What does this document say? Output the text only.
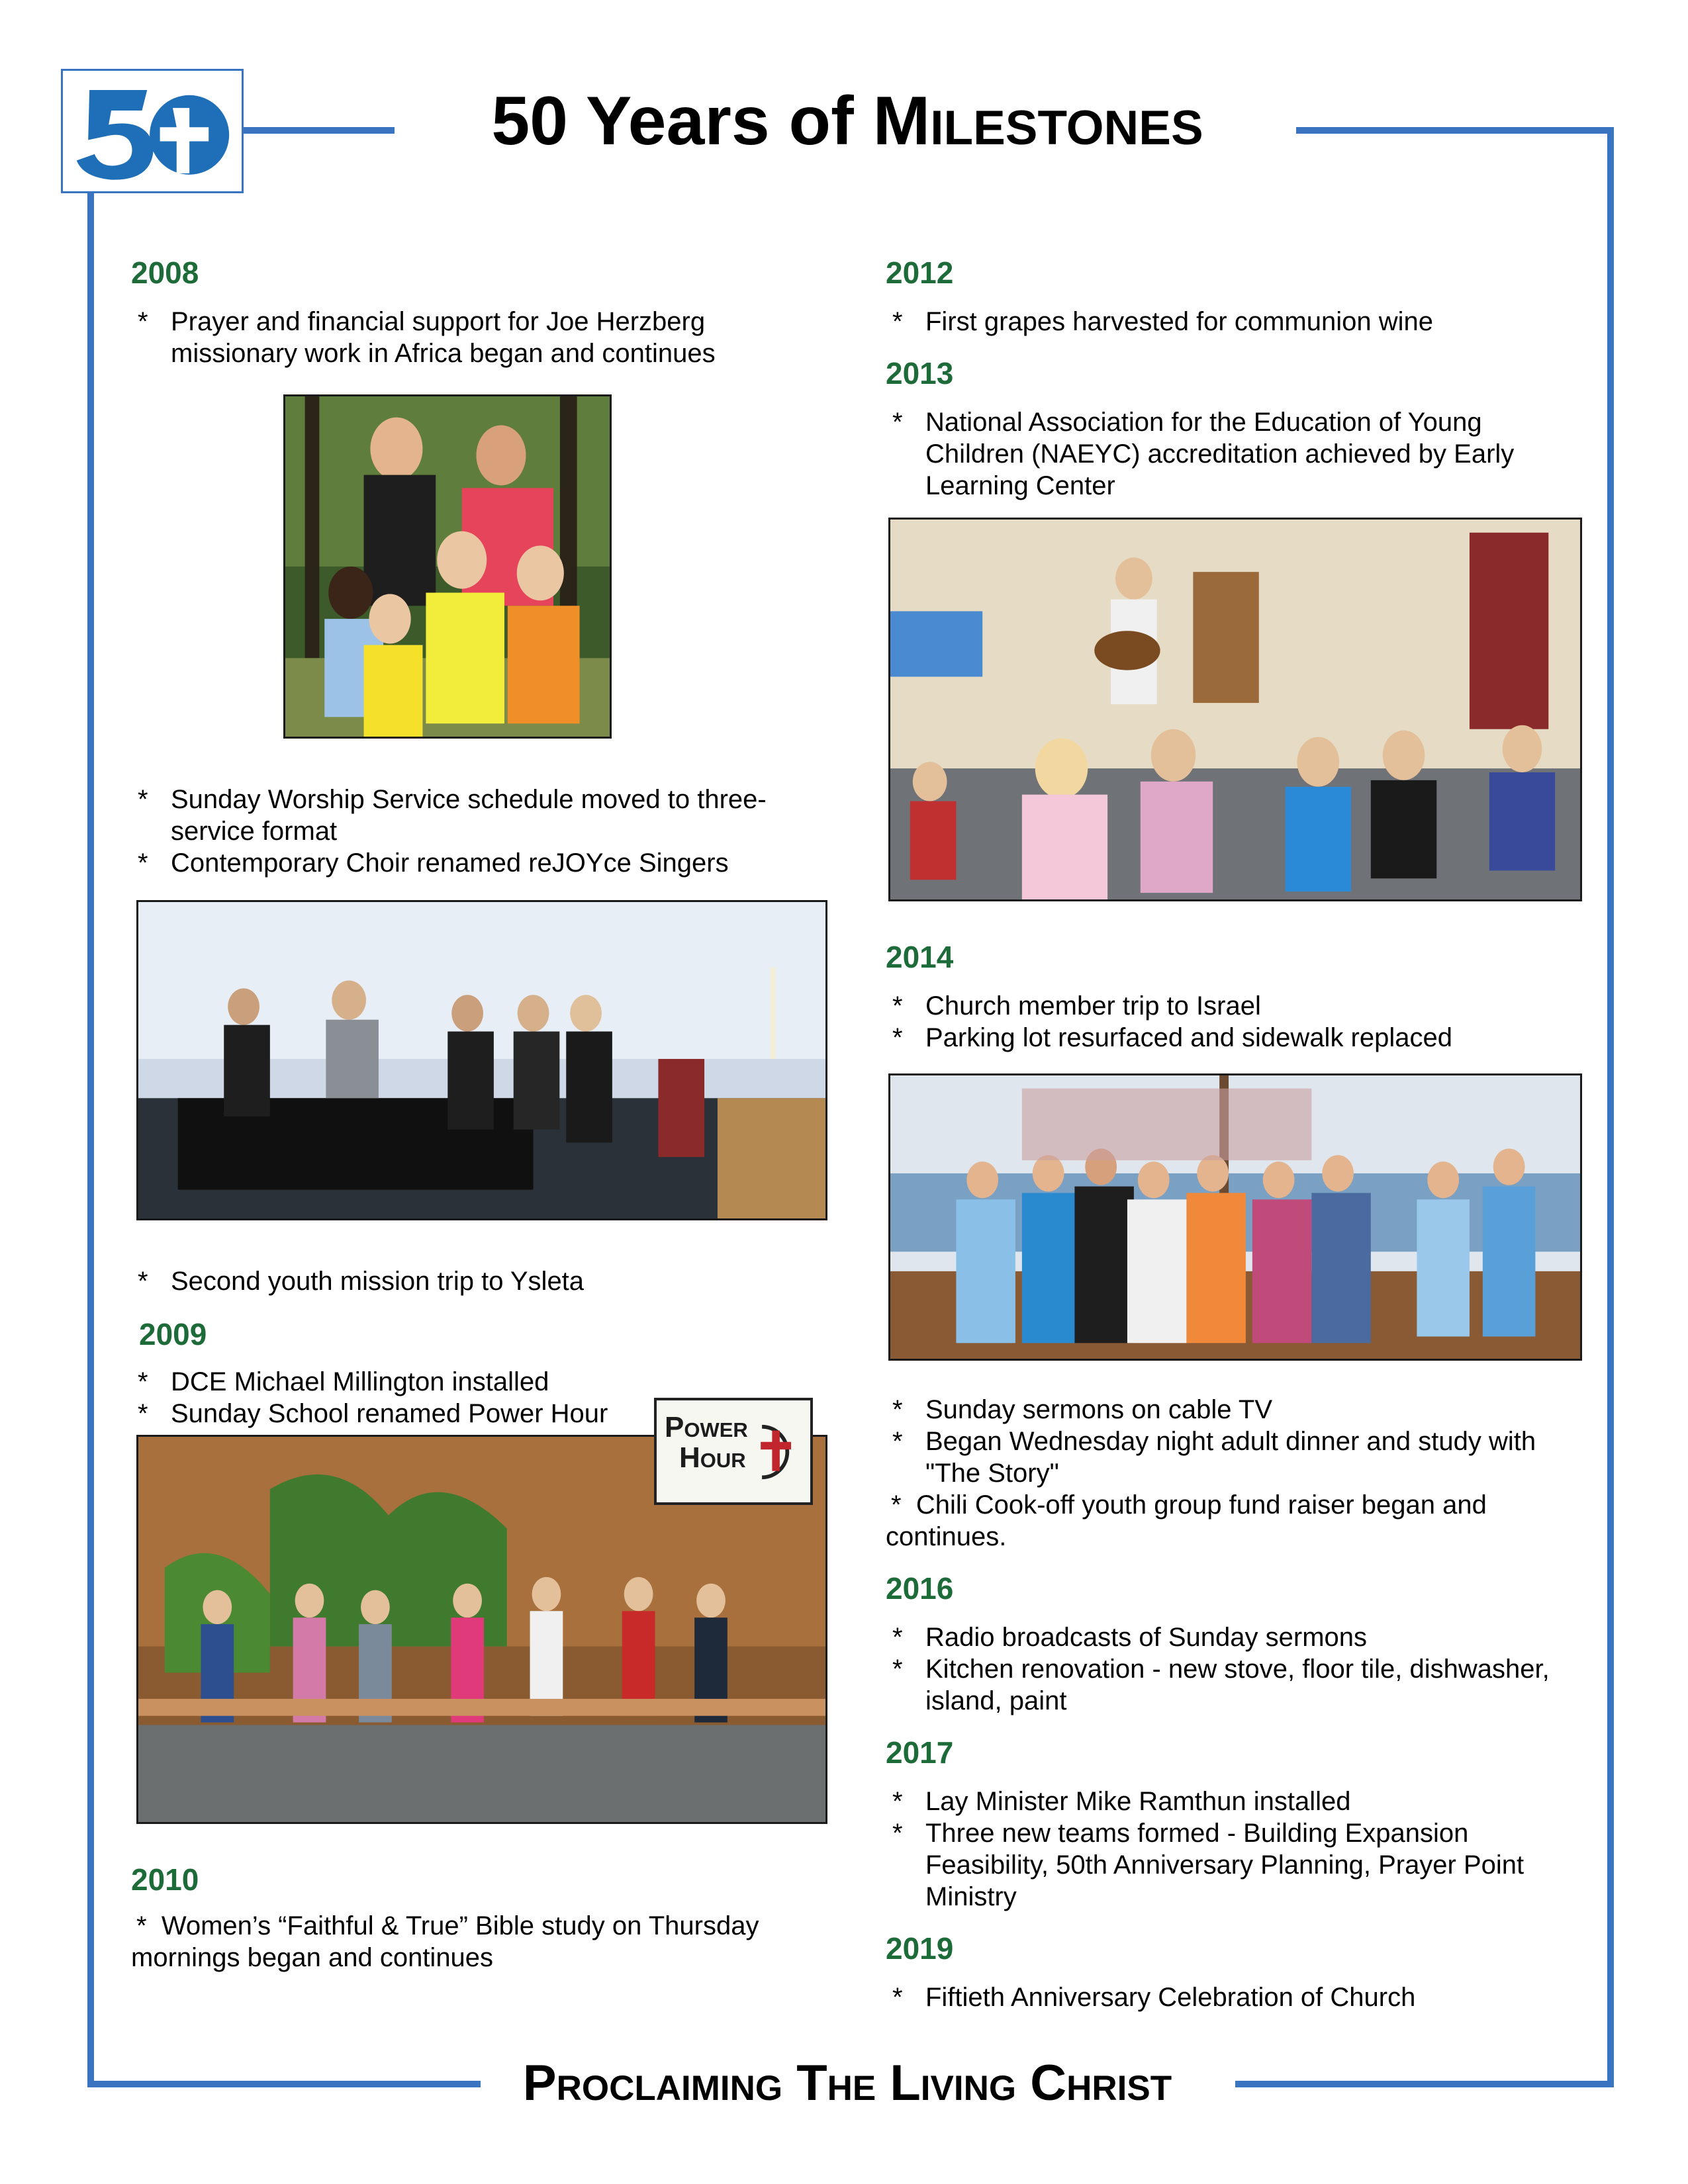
50 Years of Milestones
2008
* Prayer and financial support for Joe Herzberg missionary work in Africa began and continues
* Sunday Worship Service schedule moved to three-service format
* Contemporary Choir renamed reJOYce Singers
* Second youth mission trip to Ysleta
2009
* DCE Michael Millington installed
* Sunday School renamed Power Hour	Power
Hour
2010
* Women’s “Faithful & True” Bible study on Thursday mornings began and continues
2012
* First grapes harvested for communion wine
2013
* National Association for the Education of Young Children (NAEYC) accreditation achieved by Early Learning Center
2014
* Church member trip to Israel
* Parking lot resurfaced and sidewalk replaced
* Sunday sermons on cable TV
* Began Wednesday night adult dinner and study with "The Story"
* Chili Cook-off youth group fund raiser began and continues.
2016
* Radio broadcasts of Sunday sermons
* Kitchen renovation - new stove, floor tile, dishwasher, island, paint
2017
* Lay Minister Mike Ramthun installed
* Three new teams formed - Building Expansion Feasibility, 50th Anniversary Planning, Prayer Point Ministry
2019
* Fiftieth Anniversary Celebration of Church
Proclaiming The Living Christ
